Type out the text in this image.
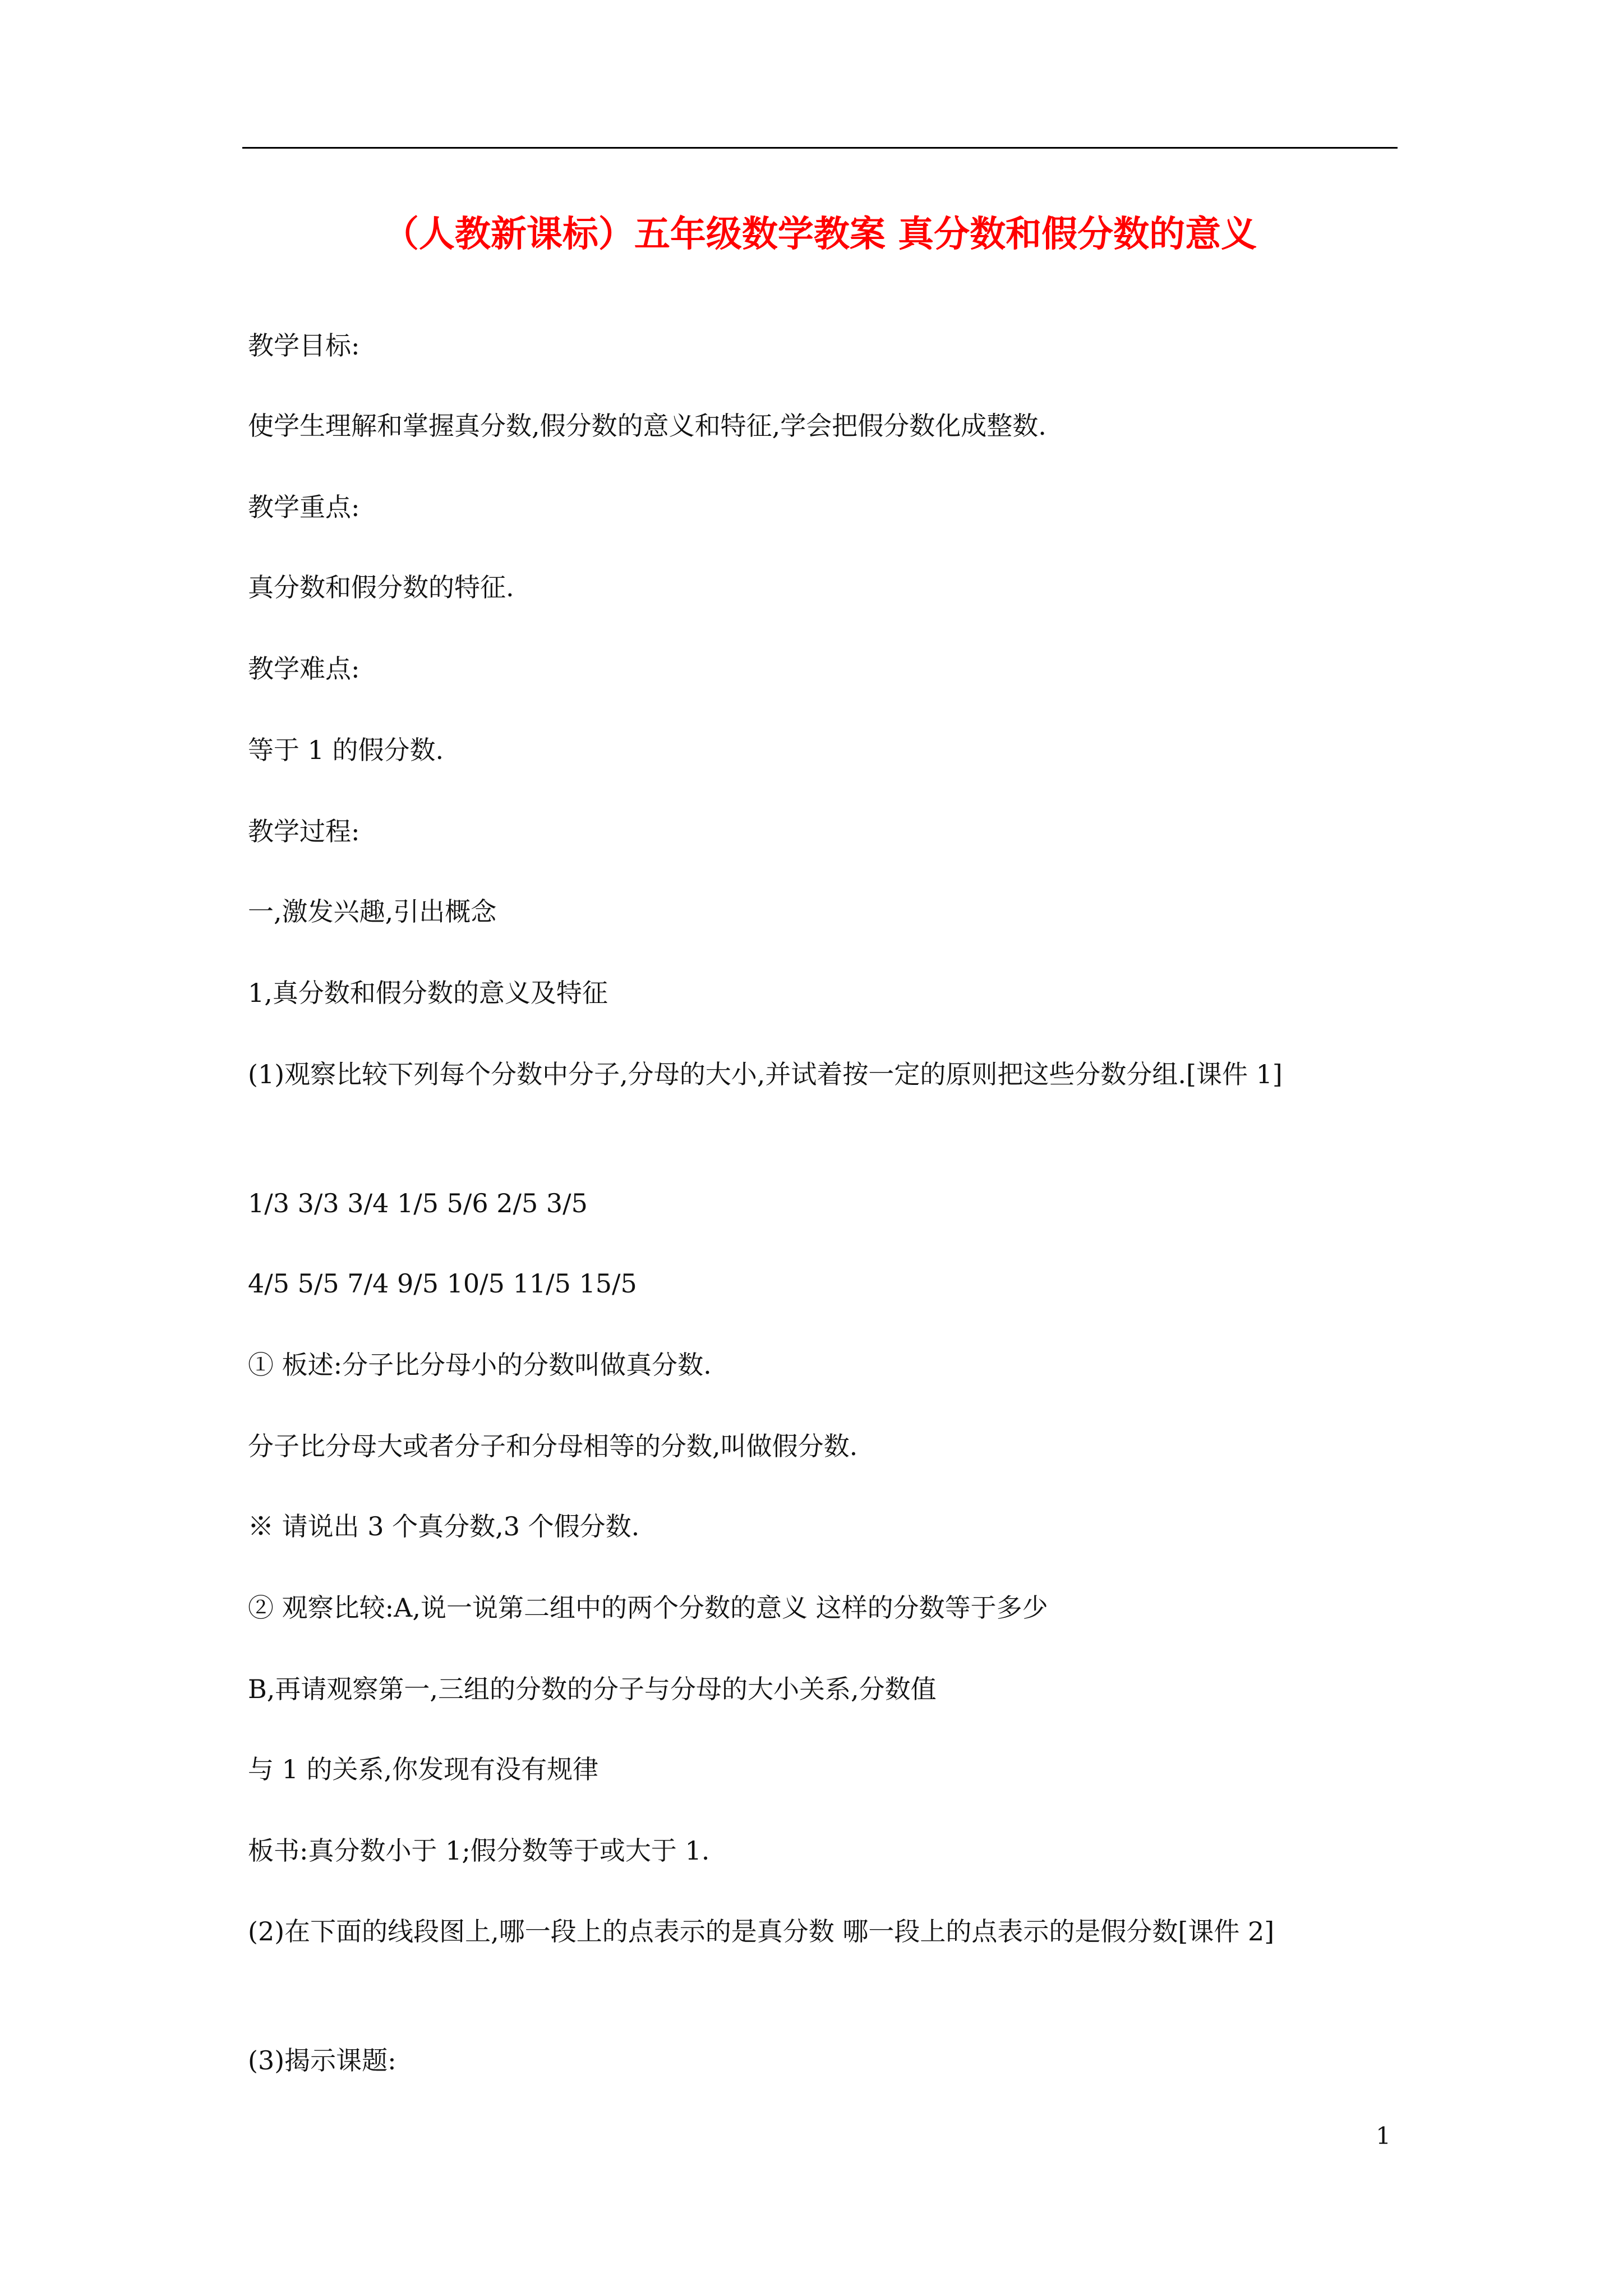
（人教新课标）五年级数学教案 真分数和假分数的意义

教学目标:

使学生理解和掌握真分数,假分数的意义和特征,学会把假分数化成整数.

教学重点:

真分数和假分数的特征.

教学难点:

等于 1 的假分数.

教学过程:

一,激发兴趣,引出概念

1,真分数和假分数的意义及特征

(1)观察比较下列每个分数中分子,分母的大小,并试着按一定的原则把这些分数分组.[课件 1]

1/3 3/3 3/4 1/5 5/6 2/5 3/5

4/5 5/5 7/4 9/5 10/5 11/5 15/5

① 板述:分子比分母小的分数叫做真分数.

分子比分母大或者分子和分母相等的分数,叫做假分数.

※ 请说出 3 个真分数,3 个假分数.

② 观察比较:A,说一说第二组中的两个分数的意义 这样的分数等于多少

B,再请观察第一,三组的分数的分子与分母的大小关系,分数值

与 1 的关系,你发现有没有规律

板书:真分数小于 1;假分数等于或大于 1.

(2)在下面的线段图上,哪一段上的点表示的是真分数 哪一段上的点表示的是假分数[课件 2]

(3)揭示课题:

1
